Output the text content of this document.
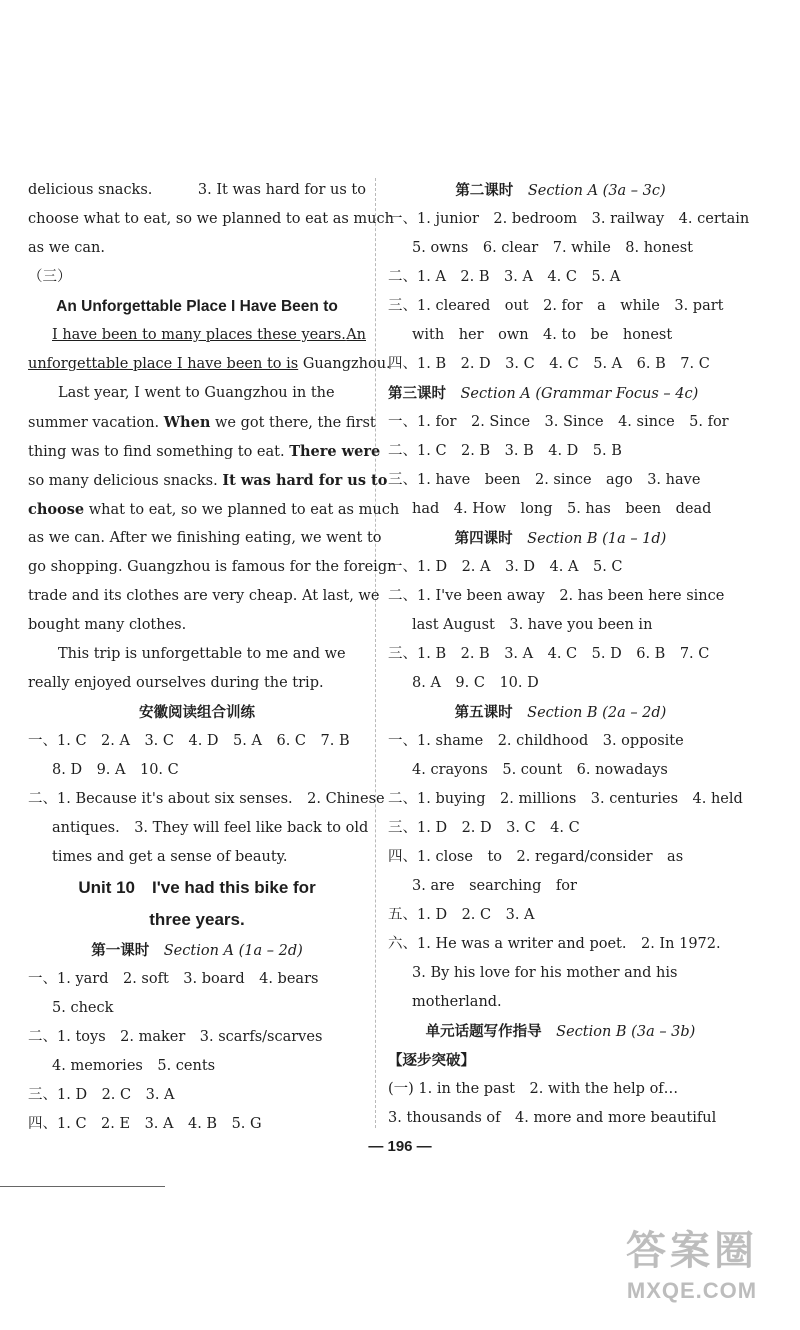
delicious snacks.	3. It was hard for us to
choose what to eat, so we planned to eat as much
as we can.
（三）
An Unforgettable Place I Have Been to
I have been to many places these years. An
unforgettable place I have been to is Guangzhou.
Last year, I went to Guangzhou in the
summer vacation. When we got there, the first
thing was to find something to eat. There were
so many delicious snacks. It was hard for us to
choose what to eat, so we planned to eat as much
as we can. After we finishing eating, we went to
go shopping. Guangzhou is famous for the foreign
trade and its clothes are very cheap. At last, we
bought many clothes.
This trip is unforgettable to me and we
really enjoyed ourselves during the trip.
安徽阅读组合训练
一、1. C　2. A　3. C　4. D　5. A　6. C　7. B
8. D　9. A　10. C
二、1. Because it's about six senses.　2. Chinese
antiques.　3. They will feel like back to old
times and get a sense of beauty.
Unit 10　I've had this bike for
three years.
第一课时　 Section A (1a – 2d)
一、1. yard　2. soft　3. board　4. bears
5. check
二、1. toys　2. maker　3. scarfs/scarves
4. memories　5. cents
三、1. D　2. C　3. A
四、1. C　2. E　3. A　4. B　5. G
第二课时　 Section A (3a – 3c)
一、1. junior　2. bedroom　3. railway　4. certain
5. owns　6. clear　7. while　8. honest
二、1. A　2. B　3. A　4. C　5. A
三、1. cleared　out　2. for　a　while　3. part
with　her　own　4. to　be　honest
四、1. B　2. D　3. C　4. C　5. A　6. B　7. C
第三课时　 Section A (Grammar Focus – 4c)
一、1. for　2. Since　3. Since　4. since　5. for
二、1. C　2. B　3. B　4. D　5. B
三、1. have　been　2. since　ago　3. have
had　4. How　long　5. has　been　dead
第四课时　 Section B (1a – 1d)
一、1. D　2. A　3. D　4. A　5. C
二、1. I've been away　2. has been here since
last August　3. have you been in
三、1. B　2. B　3. A　4. C　5. D　6. B　7. C
8. A　9. C　10. D
第五课时　 Section B (2a – 2d)
一、1. shame　2. childhood　3. opposite
4. crayons　5. count　6. nowadays
二、1. buying　2. millions　3. centuries　4. held
三、1. D　2. D　3. C　4. C
四、1. close　to　2. regard/consider　as
3. are　searching　for
五、1. D　2. C　3. A
六、1. He was a writer and poet.　2. In 1972.
3. By his love for his mother and his
motherland.
单元话题写作指导　 Section B (3a – 3b)
【逐步突破】
(一) 1. in the past　2. with the help of…
3. thousands of　4. more and more beautiful
— 196 —
答案圈
MXQE.COM
